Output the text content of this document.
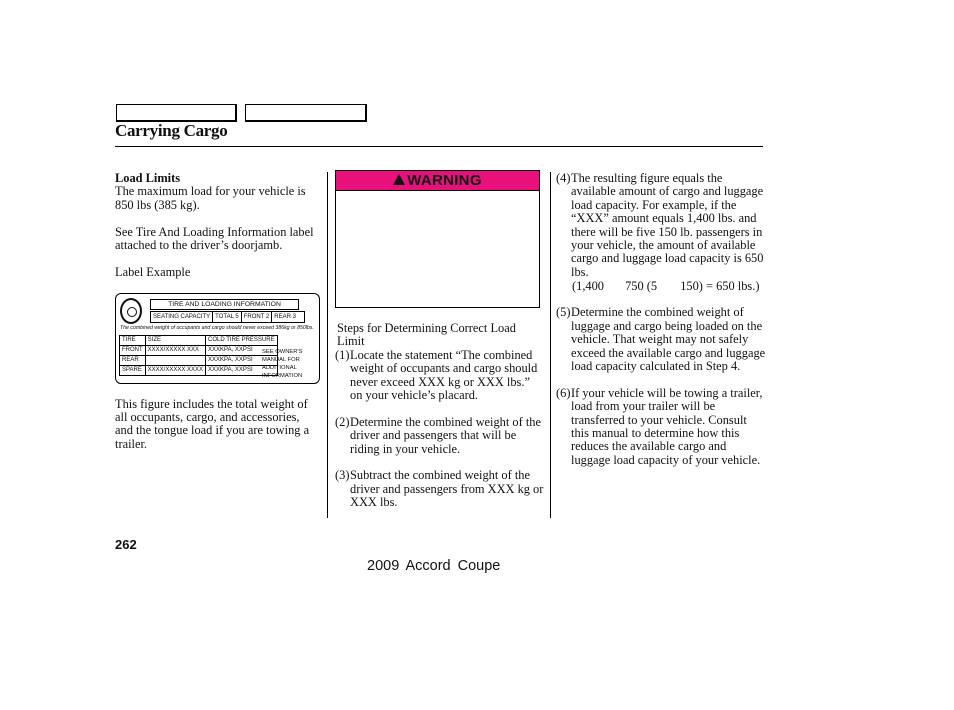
Carrying Cargo

Load Limits

The maximum load for your vehicle is 850 lbs (385 kg).

See Tire And Loading Information label attached to the driver’s doorjamb.

Label Example

TIRE AND LOADING INFORMATION
SEATING CAPACITY TOTAL 5 FRONT 2 REAR 3
The combined weight of occupants and cargo should never exceed 386kg or 850lbs.
TIRE	SIZE	COLD TIRE PRESSURE
FRONT	XXXX/XXXXX XXX	XXXKPA, XXPSI
REAR		XXXKPA, XXPSI
SPARE	XXXX/XXXXX XXXX	XXXKPA, XXPSI
SEE OWNER'S
MANUAL FOR
ADDITIONAL
INFORMATION

This figure includes the total weight of all occupants, cargo, and accessories, and the tongue load if you are towing a trailer.

WARNING

Steps for Determining Correct Load Limit

(1) Locate the statement “The combined weight of occupants and cargo should never exceed XXX kg or XXX lbs.” on your vehicle’s placard.
(2) Determine the combined weight of the driver and passengers that will be riding in your vehicle.
(3) Subtract the combined weight of the driver and passengers from XXX kg or XXX lbs.
(4) The resulting figure equals the available amount of cargo and luggage load capacity. For example, if the “XXX” amount equals 1,400 lbs. and there will be five 150 lb. passengers in your vehicle, the amount of available cargo and luggage load capacity is 650 lbs.
(1,400 750 (5 150) = 650 lbs.)
(5) Determine the combined weight of luggage and cargo being loaded on the vehicle. That weight may not safely exceed the available cargo and luggage load capacity calculated in Step 4.
(6) If your vehicle will be towing a trailer, load from your trailer will be transferred to your vehicle. Consult this manual to determine how this reduces the available cargo and luggage load capacity of your vehicle.
262
2009 Accord Coupe
